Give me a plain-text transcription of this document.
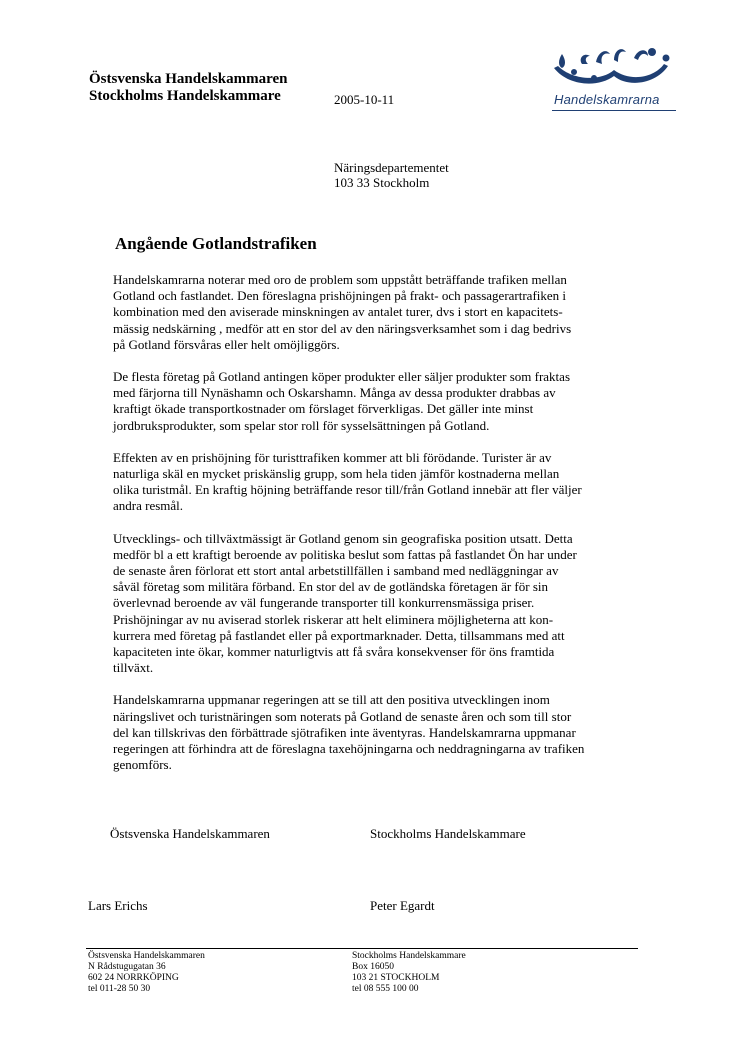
Östsvenska Handelskammaren
Stockholms Handelskammare	2005-10-11	Handelskamrarna
Näringsdepartementet
103 33 Stockholm
Angående Gotlandstrafiken

Handelskamrarna noterar med oro de problem som uppstått beträffande trafiken mellan
Gotland och fastlandet. Den föreslagna prishöjningen på frakt- och passagerartrafiken i
kombination med den aviserade minskningen av antalet turer, dvs i stort en kapacitets-
mässig nedskärning , medför att en stor del av den näringsverksamhet som i dag bedrivs
på Gotland försvåras eller helt omöjliggörs.

De flesta företag på Gotland antingen köper produkter eller säljer produkter som fraktas
med färjorna till Nynäshamn och Oskarshamn. Många av dessa produkter drabbas av
kraftigt ökade transportkostnader om förslaget förverkligas. Det gäller inte minst
jordbruksprodukter, som spelar stor roll för sysselsättningen på Gotland.

Effekten av en prishöjning för turisttrafiken kommer att bli förödande. Turister är av
naturliga skäl en mycket priskänslig grupp, som hela tiden jämför kostnaderna mellan
olika turistmål. En kraftig höjning beträffande resor till/från Gotland innebär att fler väljer
andra resmål.

Utvecklings- och tillväxtmässigt är Gotland genom sin geografiska position utsatt. Detta
medför bl a ett kraftigt beroende av politiska beslut som fattas på fastlandet Ön har under
de senaste åren förlorat ett stort antal arbetstillfällen i samband med nedläggningar av
såväl företag som militära förband. En stor del av de gotländska företagen är för sin
överlevnad beroende av väl fungerande transporter till konkurrensmässiga priser.
Prishöjningar av nu aviserad storlek riskerar att helt eliminera möjligheterna att kon-
kurrera med företag på fastlandet eller på exportmarknader. Detta, tillsammans med att
kapaciteten inte ökar, kommer naturligtvis att få svåra konsekvenser för öns framtida
tillväxt.

Handelskamrarna uppmanar regeringen att se till att den positiva utvecklingen inom
näringslivet och turistnäringen som noterats på Gotland de senaste åren och som till stor
del kan tillskrivas den förbättrade sjötrafiken inte äventyras. Handelskamrarna uppmanar
regeringen att förhindra att de föreslagna taxehöjningarna och neddragningarna av trafiken
genomförs.

Östsvenska Handelskammaren	Stockholms Handelskammare
Lars Erichs	Peter Egardt
Östsvenska Handelskammaren
N Rådstugugatan 36
602 24 NORRKÖPING
tel 011-28 50 30
Stockholms Handelskammare
Box 16050
103 21 STOCKHOLM
tel 08 555 100 00
